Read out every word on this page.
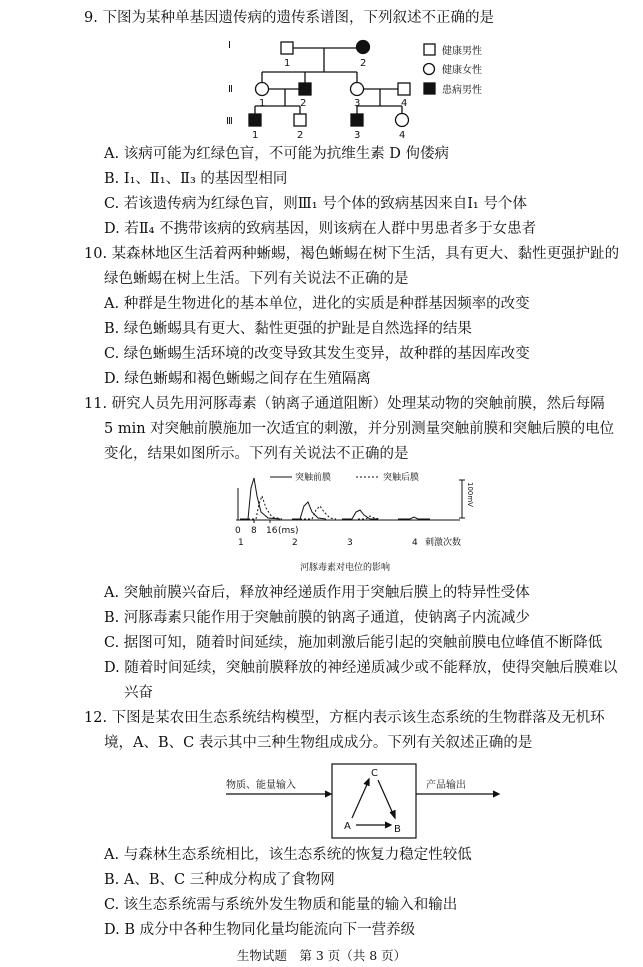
9. 下图为某种单基因遗传病的遗传系谱图，下列叙述不正确的是
Ⅰ
Ⅱ
Ⅲ
1	2
1	2	3	4
1	2	3	4
健康男性
健康女性
患病男性
A. 该病可能为红绿色盲，不可能为抗维生素 D 佝偻病
B. Ⅰ₁、Ⅱ₁、Ⅱ₃ 的基因型相同
C. 若该遗传病为红绿色盲，则Ⅲ₁ 号个体的致病基因来自Ⅰ₁ 号个体
D. 若Ⅱ₄ 不携带该病的致病基因，则该病在人群中男患者多于女患者
10. 某森林地区生活着两种蜥蜴，褐色蜥蜴在树下生活，具有更大、黏性更强护趾的
绿色蜥蜴在树上生活。下列有关说法不正确的是
A. 种群是生物进化的基本单位，进化的实质是种群基因频率的改变
B. 绿色蜥蜴具有更大、黏性更强的护趾是自然选择的结果
C. 绿色蜥蜴生活环境的改变导致其发生变异，故种群的基因库改变
D. 绿色蜥蜴和褐色蜥蜴之间存在生殖隔离
11. 研究人员先用河豚毒素（钠离子通道阻断）处理某动物的突触前膜，然后每隔
5 min 对突触前膜施加一次适宜的刺激，并分别测量突触前膜和突触后膜的电位
变化，结果如图所示。下列有关说法不正确的是
突触前膜	突触后膜
0 8 16 (ms)
1	2	3	4 刺激次数
100mV
河豚毒素对电位的影响
A. 突触前膜兴奋后，释放神经递质作用于突触后膜上的特异性受体
B. 河豚毒素只能作用于突触前膜的钠离子通道，使钠离子内流减少
C. 据图可知，随着时间延续，施加刺激后能引起的突触前膜电位峰值不断降低
D. 随着时间延续，突触前膜释放的神经递质减少或不能释放，使得突触后膜难以
兴奋
12. 下图是某农田生态系统结构模型，方框内表示该生态系统的生物群落及无机环
境，A、B、C 表示其中三种生物组成成分。下列有关叙述正确的是
物质、能量输入	产品输出
A	B
C
A. 与森林生态系统相比，该生态系统的恢复力稳定性较低
B. A、B、C 三种成分构成了食物网
C. 该生态系统需与系统外发生物质和能量的输入和输出
D. B 成分中各种生物同化量均能流向下一营养级
生物试题　第 3 页（共 8 页）
